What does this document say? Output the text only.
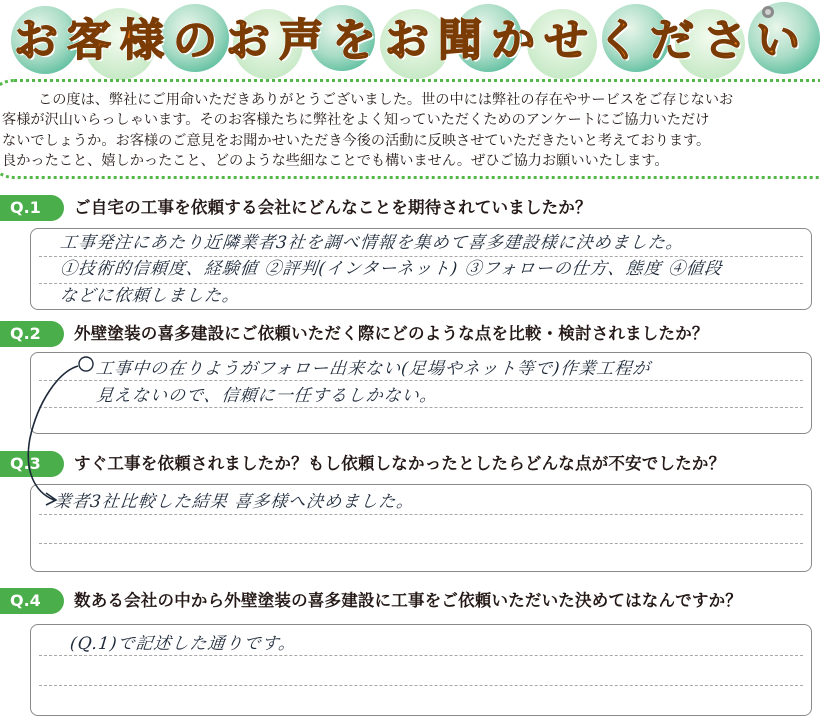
お客様のお声をお聞かせください
この度は、弊社にご用命いただきありがとうございました。世の中には弊社の存在やサービスをご存じないお
客様が沢山いらっしゃいます。そのお客様たちに弊社をよく知っていただくためのアンケートにご協力いただけ
ないでしょうか。お客様のご意見をお聞かせいただき今後の活動に反映させていただきたいと考えております。
良かったこと、嬉しかったこと、どのような些細なことでも構いません。ぜひご協力お願いいたします。
Q.1	ご自宅の工事を依頼する会社にどんなことを期待されていましたか？
工事発注にあたり近隣業者3社を調べ情報を集めて喜多建設様に決めました。
①技術的信頼度、経験値 ②評判(インターネット) ③フォローの仕方、態度 ④値段
などに依頼しました。
Q.2	外壁塗装の喜多建設にご依頼いただく際にどのような点を比較・検討されましたか？
工事中の在りようがフォロー出来ない(足場やネット等で)作業工程が
見えないので、信頼に一任するしかない。
Q.3	すぐ工事を依頼されましたか？もし依頼しなかったとしたらどんな点が不安でしたか？
業者3社比較した結果 喜多様へ決めました。
Q.4	数ある会社の中から外壁塗装の喜多建設に工事をご依頼いただいた決めてはなんですか？
(Q.1)で記述した通りです。
